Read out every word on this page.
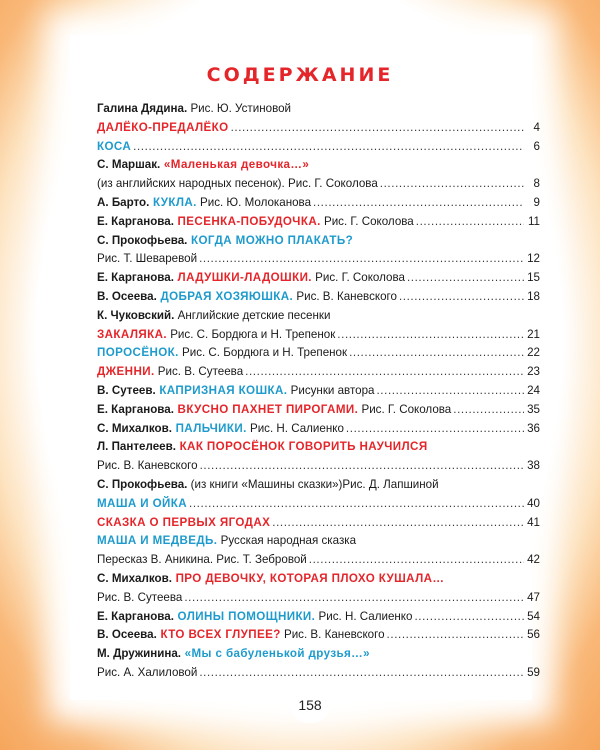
СОДЕРЖАНИЕ
Галина Дядина. Рис. Ю. Устиновой
ДАЛЁКО-ПРЕДАЛЁКО .....	4
КОСА .....	6
С. Маршак. «Маленькая девочка…»
(из английских народных песенок). Рис. Г. Соколова .....	8
А. Барто. КУКЛА. Рис. Ю. Молоканова .....	9
Е. Карганова. ПЕСЕНКА-ПОБУДОЧКА. Рис. Г. Соколова .....	11
С. Прокофьева. КОГДА МОЖНО ПЛАКАТЬ?
Рис. Т. Шеваревой .....	12
Е. Карганова. ЛАДУШКИ-ЛАДОШКИ. Рис. Г. Соколова .....	15
В. Осеева. ДОБРАЯ ХОЗЯЮШКА. Рис. В. Каневского .....	18
К. Чуковский. Английские детские песенки
ЗАКАЛЯКА. Рис. С. Бордюга и Н. Трепенок .....	21
ПОРОСЁНОК. Рис. С. Бордюга и Н. Трепенок .....	22
ДЖЕННИ. Рис. В. Сутеева .....	23
В. Сутеев. КАПРИЗНАЯ КОШКА. Рисунки автора .....	24
Е. Карганова. ВКУСНО ПАХНЕТ ПИРОГАМИ. Рис. Г. Соколова .....	35
С. Михалков. ПАЛЬЧИКИ. Рис. Н. Салиенко .....	36
Л. Пантелеев. КАК ПОРОСЁНОК ГОВОРИТЬ НАУЧИЛСЯ
Рис. В. Каневского .....	38
С. Прокофьева. (из книги «Машины сказки»)Рис. Д. Лапшиной
МАША И ОЙКА .....	40
СКАЗКА О ПЕРВЫХ ЯГОДАХ .....	41
МАША И МЕДВЕДЬ. Русская народная сказка
Пересказ В. Аникина. Рис. Т. Зебровой .....	42
С. Михалков. ПРО ДЕВОЧКУ, КОТОРАЯ ПЛОХО КУШАЛА…
Рис. В. Сутеева .....	47
Е. Карганова. ОЛИНЫ ПОМОЩНИКИ. Рис. Н. Салиенко .....	54
В. Осеева. КТО ВСЕХ ГЛУПЕЕ? Рис. В. Каневского .....	56
М. Дружинина. «Мы с бабуленькой друзья…»
Рис. А. Халиловой .....	59
158
